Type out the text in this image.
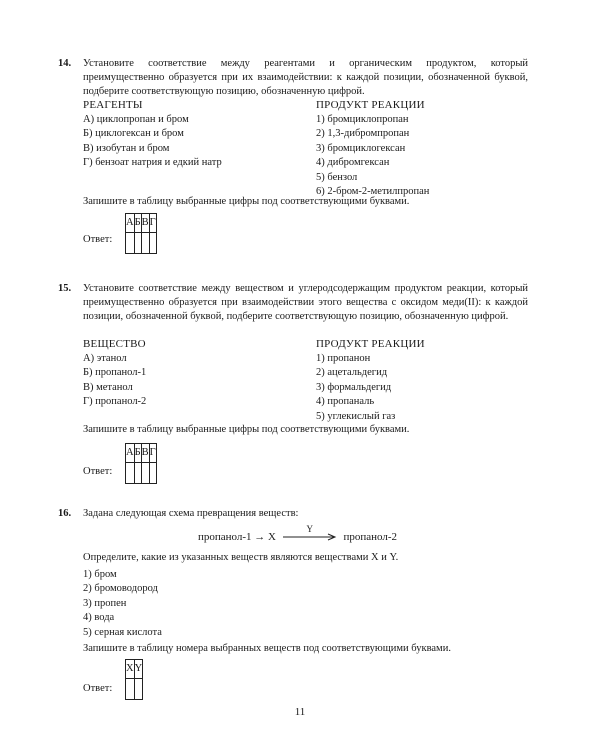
14. Установите соответствие между реагентами и органическим продуктом, который преимущественно образуется при их взаимодействии: к каждой позиции, обозначенной буквой, подберите соответствующую позицию, обозначенную цифрой.
РЕАГЕНТЫ
А) циклопропан и бром
Б) циклогексан и бром
В) изобутан и бром
Г) бензоат натрия и едкий натр
ПРОДУКТ РЕАКЦИИ
1) бромциклопропан
2) 1,3-дибромпропан
3) бромциклогексан
4) дибромгексан
5) бензол
6) 2-бром-2-метилпропан
Запишите в таблицу выбранные цифры под соответствующими буквами.
Ответ:
А	Б	В	Г

15. Установите соответствие между веществом и углеродсодержащим продуктом реакции, который преимущественно образуется при взаимодействии этого вещества с оксидом меди(II): к каждой позиции, обозначенной буквой, подберите соответствующую позицию, обозначенную цифрой.
ВЕЩЕСТВО
А) этанол
Б) пропанол-1
В) метанол
Г) пропанол-2
ПРОДУКТ РЕАКЦИИ
1) пропанон
2) ацетальдегид
3) формальдегид
4) пропаналь
5) углекислый газ
Запишите в таблицу выбранные цифры под соответствующими буквами.
Ответ:
А	Б	В	Г

16. Задана следующая схема превращения веществ:
пропанол-1 → X
Y
пропанол-2
Определите, какие из указанных веществ являются веществами X и Y.
1) бром
2) бромоводород
3) пропен
4) вода
5) серная кислота
Запишите в таблицу номера выбранных веществ под соответствующими буквами.
Ответ:
X	Y

11
